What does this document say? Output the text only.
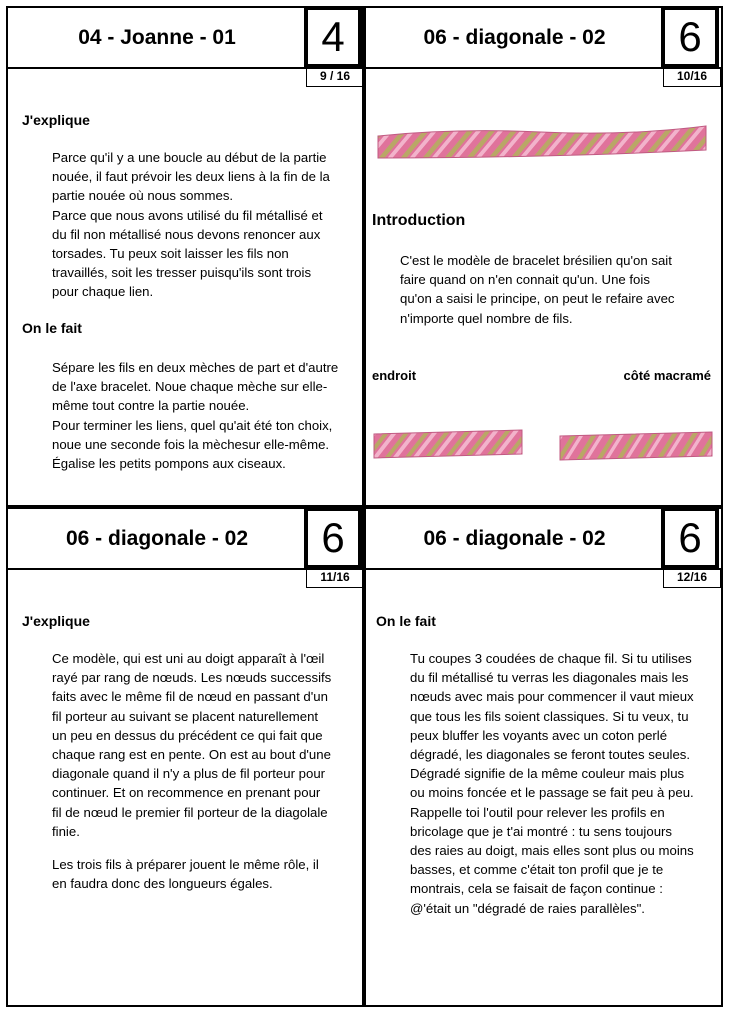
04 - Joanne - 01	4
9 / 16
J'explique

Parce qu'il y a une boucle au début de la partie

nouée, il faut prévoir les deux liens à la fin de la

partie nouée où nous sommes.

Parce que nous avons utilisé du fil métallisé et

du fil non métallisé nous devons renoncer aux

torsades. Tu peux soit laisser les fils non

travaillés, soit les tresser puisqu'ils sont trois

pour chaque lien.

On le fait

Sépare les fils en deux mèches de part et d'autre

de l'axe bracelet. Noue chaque mèche sur elle-

même tout contre la partie nouée.

Pour terminer les liens, quel qu'ait été ton choix,

noue une seconde fois la mèchesur elle-même.

Égalise les petits pompons aux ciseaux.

06 - diagonale - 02	6
10/16
Introduction

C'est le modèle de bracelet brésilien qu'on sait

faire quand on n'en connait qu'un. Une fois

qu'on a saisi le principe, on peut le refaire avec

n'importe quel nombre de fils.

endroit	côté macramé
06 - diagonale - 02	6
11/16
J'explique

Ce modèle, qui est uni au doigt apparaît à l'œil

rayé par rang de nœuds. Les nœuds successifs

faits avec le même fil de nœud en passant d'un

fil porteur au suivant se placent naturellement

un peu en dessus du précédent ce qui fait que

chaque rang est en pente. On est au bout d'une

diagonale quand il n'y a plus de fil porteur pour

continuer. Et on recommence en prenant pour

fil de nœud le premier fil porteur de la diagolale

finie.

Les trois fils à préparer jouent le même rôle, il

en faudra donc des longueurs égales.

06 - diagonale - 02	6
12/16
On le fait

Tu coupes 3 coudées de chaque fil. Si tu utilises

du fil métallisé tu verras les diagonales mais les

nœuds avec mais pour commencer il vaut mieux

que tous les fils soient classiques. Si tu veux, tu

peux bluffer les voyants avec un coton perlé

dégradé, les diagonales se feront toutes seules.

Dégradé signifie de la même couleur mais plus

ou moins foncée et le passage se fait peu à peu.

Rappelle toi l'outil pour relever les profils en

bricolage que je t'ai montré : tu sens toujours

des raies au doigt, mais elles sont plus ou moins

basses, et comme c'était ton profil que je te

montrais, cela se faisait de façon continue :

@'était un "dégradé de raies parallèles".
